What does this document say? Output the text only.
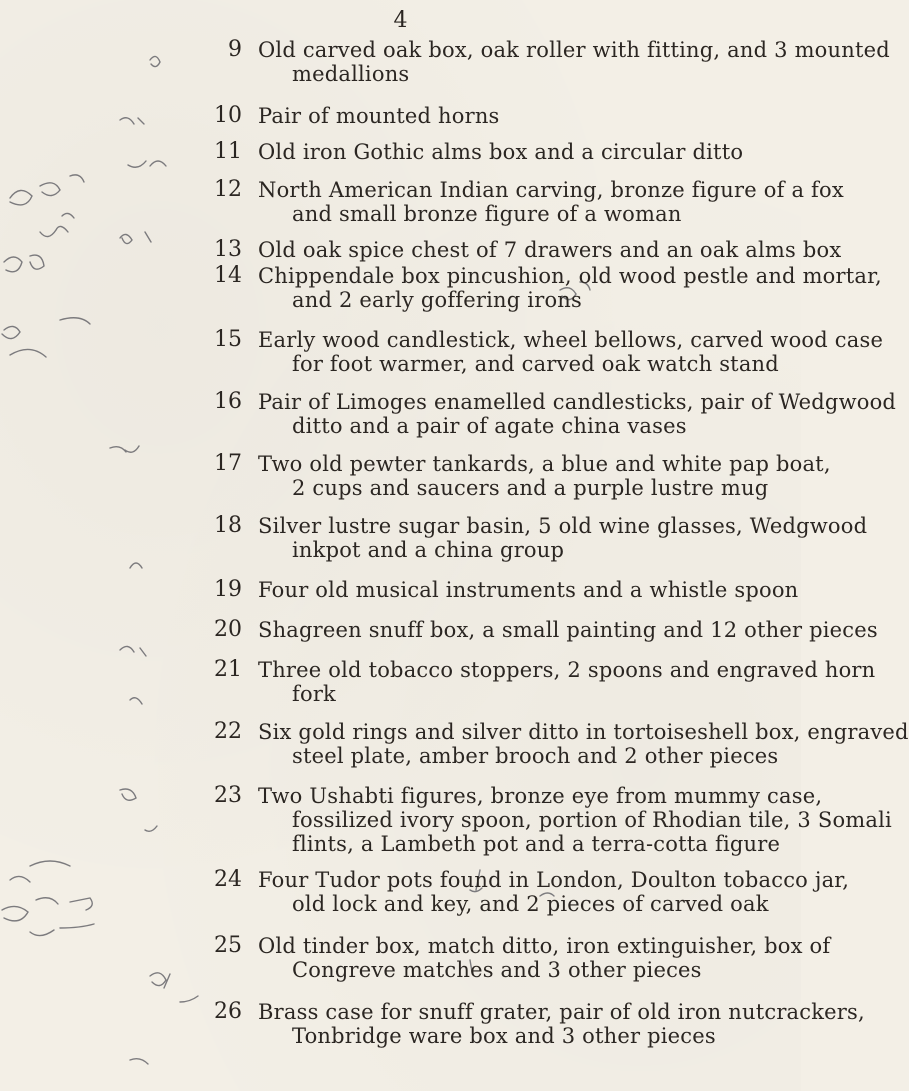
4
9 Old carved oak box, oak roller with fitting, and 3 mounted
medallions
10 Pair of mounted horns
11 Old iron Gothic alms box and a circular ditto
12 North American Indian carving, bronze figure of a fox
and small bronze figure of a woman
13 Old oak spice chest of 7 drawers and an oak alms box
14 Chippendale box pincushion, old wood pestle and mortar,
and 2 early goffering irons
15 Early wood candlestick, wheel bellows, carved wood case
for foot warmer, and carved oak watch stand
16 Pair of Limoges enamelled candlesticks, pair of Wedgwood
ditto and a pair of agate china vases
17 Two old pewter tankards, a blue and white pap boat,
2 cups and saucers and a purple lustre mug
18 Silver lustre sugar basin, 5 old wine glasses, Wedgwood
inkpot and a china group
19 Four old musical instruments and a whistle spoon
20 Shagreen snuff box, a small painting and 12 other pieces
21 Three old tobacco stoppers, 2 spoons and engraved horn
fork
22 Six gold rings and silver ditto in tortoiseshell box, engraved
steel plate, amber brooch and 2 other pieces
23 Two Ushabti figures, bronze eye from mummy case,
fossilized ivory spoon, portion of Rhodian tile, 3 Somali
flints, a Lambeth pot and a terra-cotta figure
24 Four Tudor pots found in London, Doulton tobacco jar,
old lock and key, and 2 pieces of carved oak
25 Old tinder box, match ditto, iron extinguisher, box of
Congreve matches and 3 other pieces
26 Brass case for snuff grater, pair of old iron nutcrackers,
Tonbridge ware box and 3 other pieces
